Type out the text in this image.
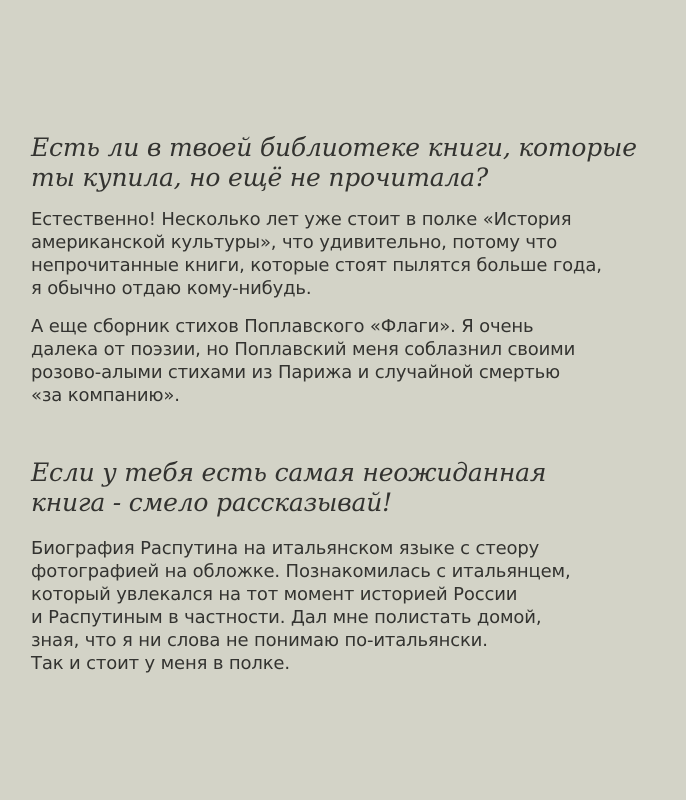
Есть ли в твоей библиотеке книги, которые
ты купила, но ещё не прочитала?

Естественно! Несколько лет уже стоит в полке «История
американской культуры», что удивительно, потому что
непрочитанные книги, которые стоят пылятся больше года,
я обычно отдаю кому-нибудь.

А еще сборник стихов Поплавского «Флаги». Я очень
далека от поэзии, но Поплавский меня соблазнил своими
розово-алыми стихами из Парижа и случайной смертью
«за компанию».

Если у тебя есть самая неожиданная
книга - смело рассказывай!

Биография Распутина на итальянском языке с стеору
фотографией на обложке. Познакомилась с итальянцем,
который увлекался на тот момент историей России
и Распутиным в частности. Дал мне полистать домой,
зная, что я ни слова не понимаю по-итальянски.
Так и стоит у меня в полке.
